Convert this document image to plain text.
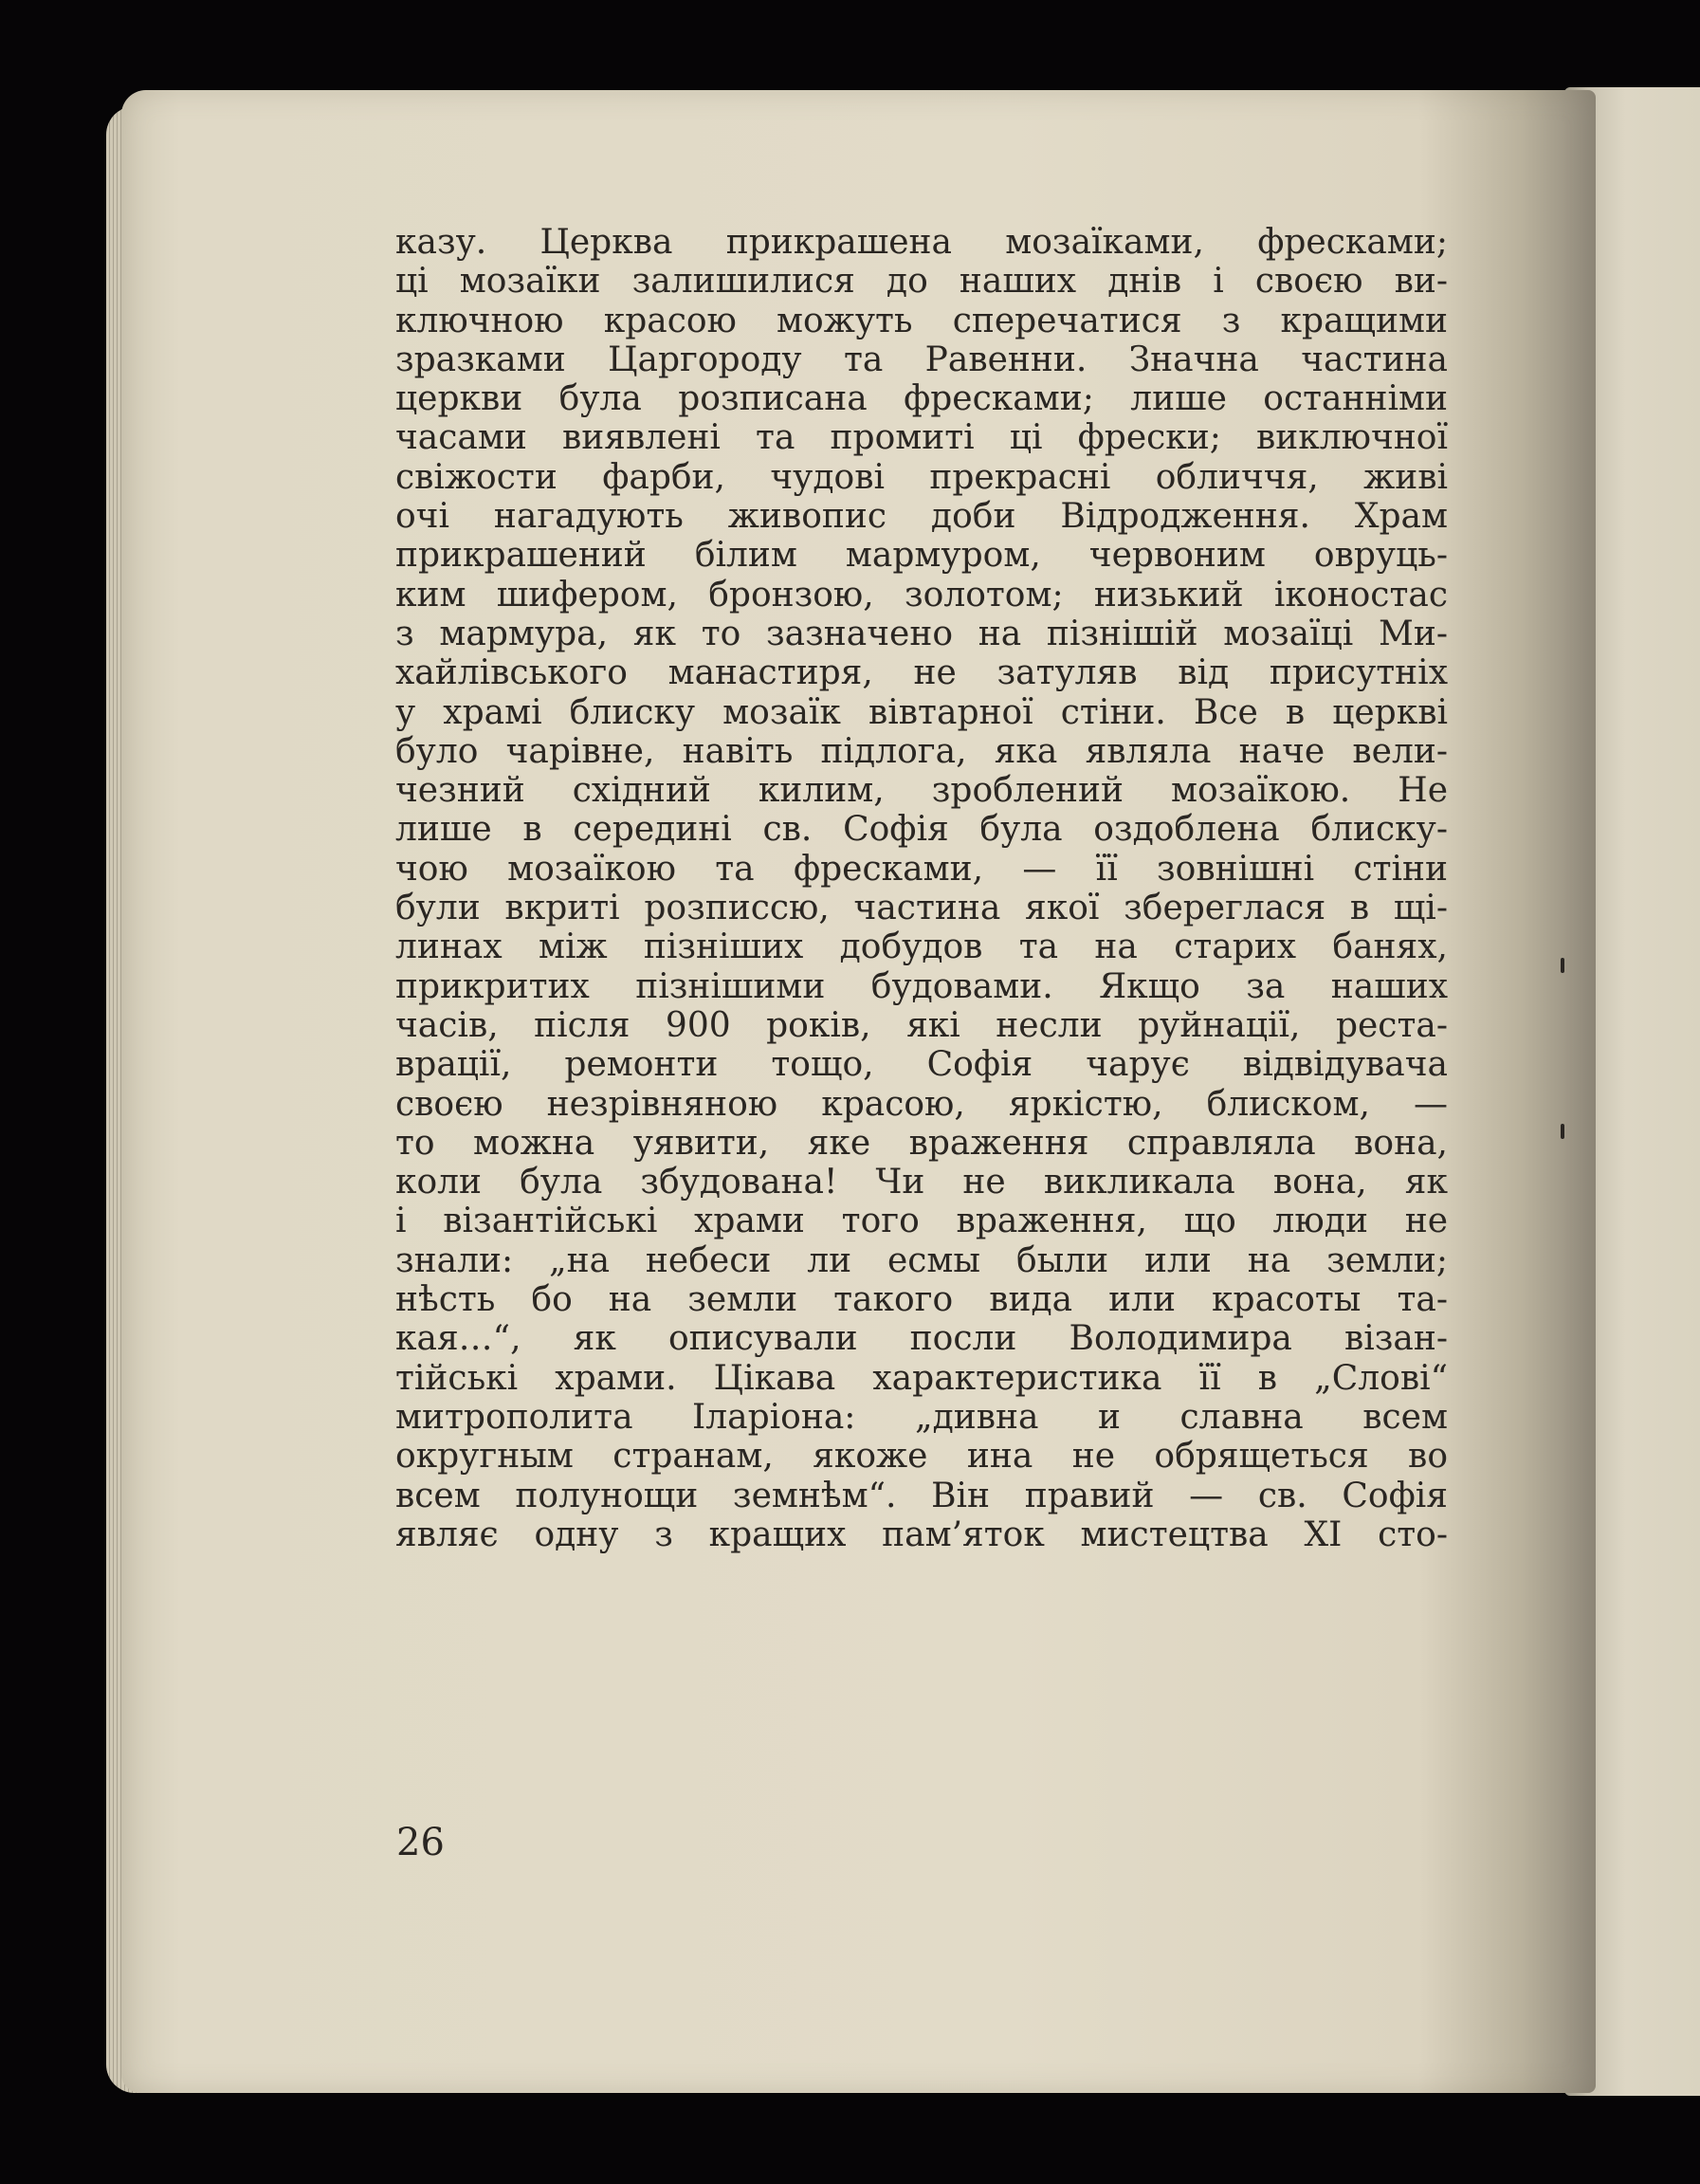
казу. Церква прикрашена мозаїками, фресками;
ці мозаїки залишилися до наших днів і своєю ви-
ключною красою можуть сперечатися з кращими
зразками Царгороду та Равенни. Значна частина
церкви була розписана фресками; лише останніми
часами виявлені та промиті ці фрески; виключної
свіжости фарби, чудові прекрасні обличчя, живі
очі нагадують живопис доби Відродження. Храм
прикрашений білим мармуром, червоним овруць-
ким шифером, бронзою, золотом; низький іконостас
з мармура, як то зазначено на пізнішій мозаїці Ми-
хайлівського манастиря, не затуляв від присутніх
у храмі блиску мозаїк вівтарної стіни. Все в церкві
було чарівне, навіть підлога, яка являла наче вели-
чезний східний килим, зроблений мозаїкою. Не
лише в середині св. Софія була оздоблена блиску-
чою мозаїкою та фресками, — її зовнішні стіни
були вкриті розписсю, частина якої збереглася в щі-
линах між пізніших добудов та на старих банях,
прикритих пізнішими будовами. Якщо за наших
часів, після 900 років, які несли руйнації, реста-
врації, ремонти тощо, Софія чарує відвідувача
своєю незрівняною красою, яркістю, блиском, —
то можна уявити, яке враження справляла вона,
коли була збудована! Чи не викликала вона, як
і візантійські храми того враження, що люди не
знали: „на небеси ли есмы были или на земли;
нѣсть бо на земли такого вида или красоты та-
кая…“, як описували посли Володимира візан-
тійські храми. Цікава характеристика її в „Слові“
митрополита Іларіона: „дивна и славна всем
округным странам, якоже ина не обрящеться во
всем полунощи земнѣм“. Він правий — св. Софія
являє одну з кращих пам’яток мистецтва XI сто-

26
